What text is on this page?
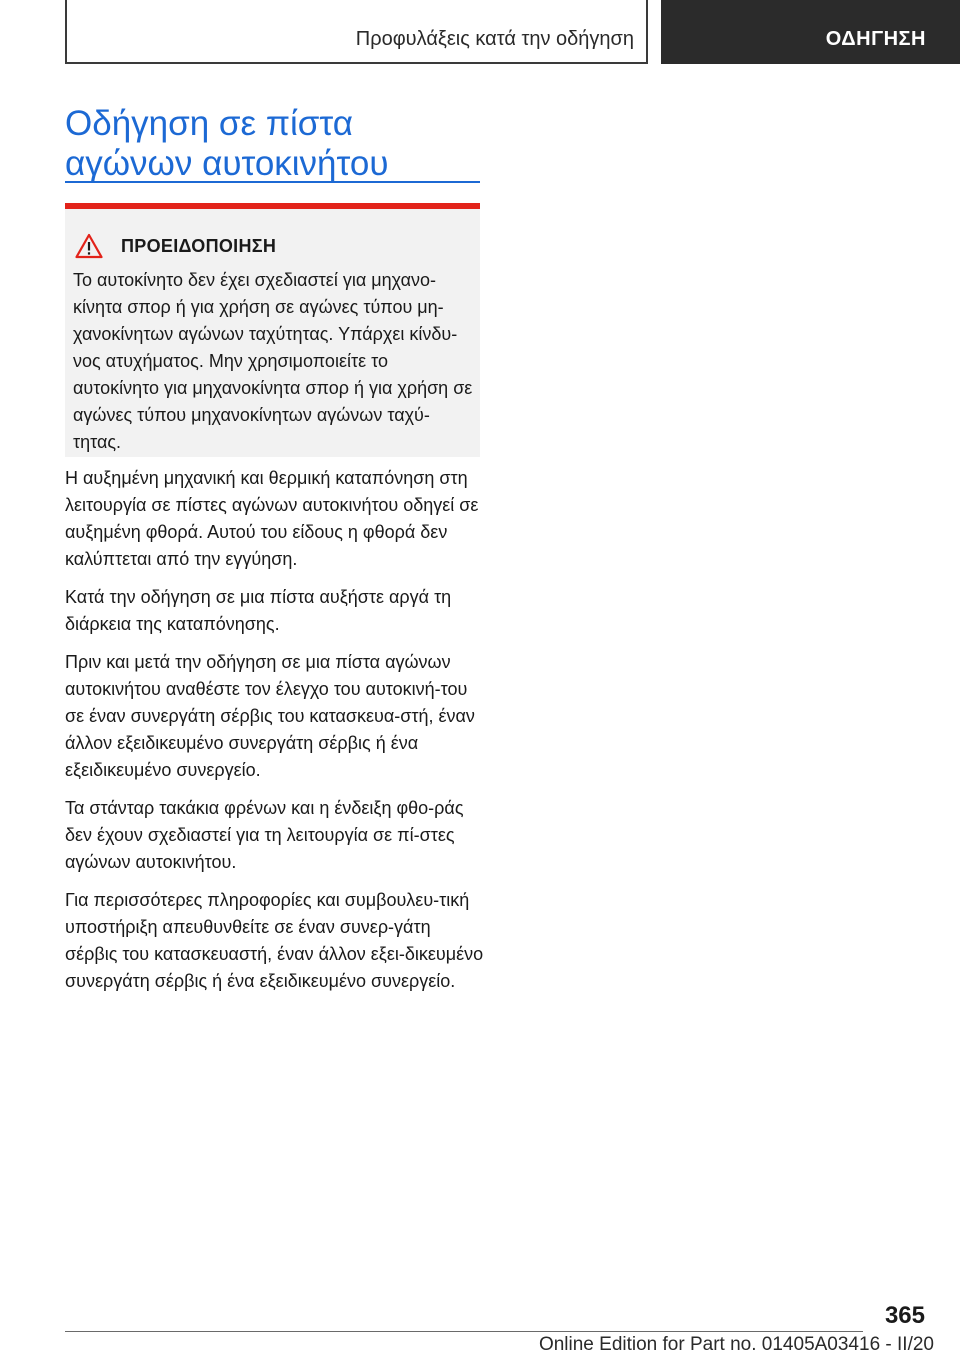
Προφυλάξεις κατά την οδήγηση	ΟΔΗΓΗΣΗ
Οδήγηση σε πίστα αγώνων αυτοκινήτου
ΠΡΟΕΙΔΟΠΟΙΗΣΗ

Το αυτοκίνητο δεν έχει σχεδιαστεί για μηχανο-κίνητα σπορ ή για χρήση σε αγώνες τύπου μη-χανοκίνητων αγώνων ταχύτητας. Υπάρχει κίνδυ-νος ατυχήματος. Μην χρησιμοποιείτε το αυτοκίνητο για μηχανοκίνητα σπορ ή για χρήση σε αγώνες τύπου μηχανοκίνητων αγώνων ταχύ-τητας.

Η αυξημένη μηχανική και θερμική καταπόνηση στη λειτουργία σε πίστες αγώνων αυτοκινήτου οδηγεί σε αυξημένη φθορά. Αυτού του είδους η φθορά δεν καλύπτεται από την εγγύηση.

Κατά την οδήγηση σε μια πίστα αυξήστε αργά τη διάρκεια της καταπόνησης.

Πριν και μετά την οδήγηση σε μια πίστα αγώνων αυτοκινήτου αναθέστε τον έλεγχο του αυτοκινή-του σε έναν συνεργάτη σέρβις του κατασκευα-στή, έναν άλλον εξειδικευμένο συνεργάτη σέρβις ή ένα εξειδικευμένο συνεργείο.

Τα στάνταρ τακάκια φρένων και η ένδειξη φθο-ράς δεν έχουν σχεδιαστεί για τη λειτουργία σε πί-στες αγώνων αυτοκινήτου.

Για περισσότερες πληροφορίες και συμβουλευ-τική υποστήριξη απευθυνθείτε σε έναν συνερ-γάτη σέρβις του κατασκευαστή, έναν άλλον εξει-δικευμένο συνεργάτη σέρβις ή ένα εξειδικευμένο συνεργείο.

365
Online Edition for Part no. 01405A03416 - II/20
